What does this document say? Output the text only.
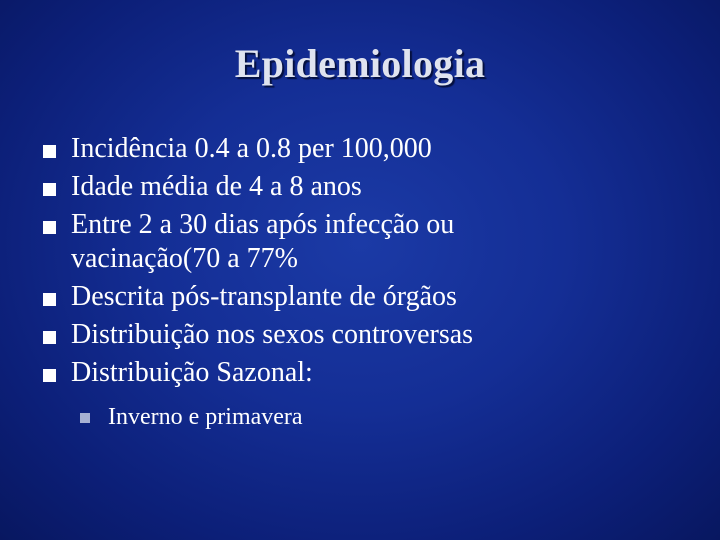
Epidemiologia
Incidência 0.4 a 0.8 per 100,000
Idade média de 4 a 8 anos
Entre 2 a 30 dias após infecção ou vacinação(70 a 77%
Descrita pós-transplante de órgãos
Distribuição nos sexos controversas
Distribuição Sazonal:
Inverno e primavera
